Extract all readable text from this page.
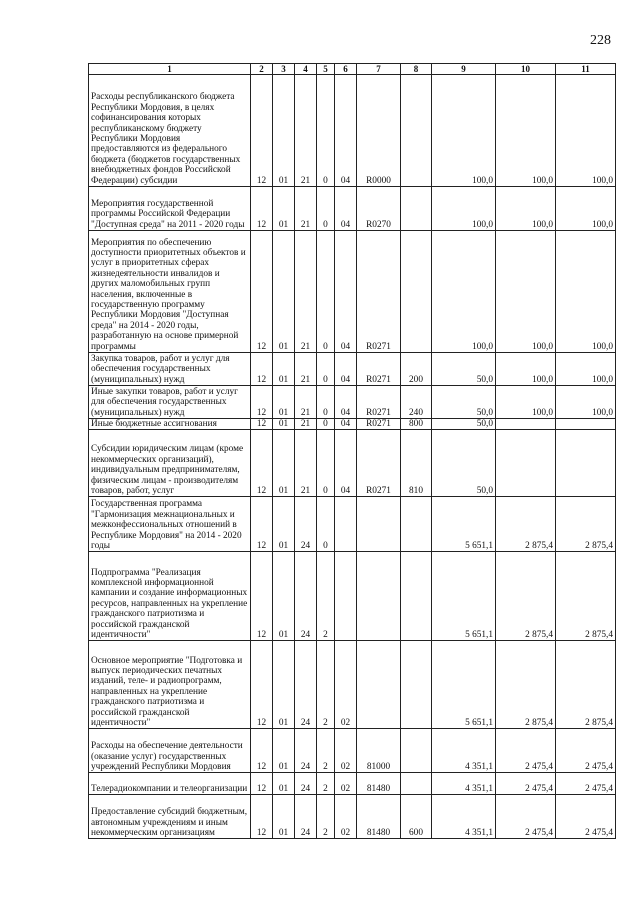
228
1	2	3	4	5	6	7	8	9	10	11
Расходы республиканского бюджета Республики Мордовия, в целях софинансирования которых республиканскому бюджету Республики Мордовия предоставляются из федерального бюджета (бюджетов государственных внебюджетных фондов Российской Федерации) субсидии	12	01	21	0	04	R0000		100,0	100,0	100,0
Мероприятия государственной программы Российской Федерации "Доступная среда" на 2011 - 2020 годы	12	01	21	0	04	R0270		100,0	100,0	100,0
Мероприятия по обеспечению доступности приоритетных объектов и услуг в приоритетных сферах жизнедеятельности инвалидов и других маломобильных групп населения, включенные в государственную программу Республики Мордовия "Доступная среда" на 2014 - 2020 годы, разработанную на основе примерной программы	12	01	21	0	04	R0271		100,0	100,0	100,0
Закупка товаров, работ и услуг для обеспечения государственных (муниципальных) нужд	12	01	21	0	04	R0271	200	50,0	100,0	100,0
Иные закупки товаров, работ и услуг для обеспечения государственных (муниципальных) нужд	12	01	21	0	04	R0271	240	50,0	100,0	100,0
Иные бюджетные ассигнования	12	01	21	0	04	R0271	800	50,0		
Субсидии юридическим лицам (кроме некоммерческих организаций), индивидуальным предпринимателям, физическим лицам - производителям товаров, работ, услуг	12	01	21	0	04	R0271	810	50,0		
Государственная программа "Гармонизация межнациональных и межконфессиональных отношений в Республике Мордовия" на 2014 - 2020 годы	12	01	24	0				5 651,1	2 875,4	2 875,4
Подпрограмма "Реализация комплексной информационной кампании и создание информационных ресурсов, направленных на укрепление гражданского патриотизма и российской гражданской идентичности"	12	01	24	2				5 651,1	2 875,4	2 875,4
Основное мероприятие "Подготовка и выпуск периодических печатных изданий, теле- и радиопрограмм, направленных на укрепление гражданского патриотизма и российской гражданской идентичности"	12	01	24	2	02			5 651,1	2 875,4	2 875,4
Расходы на обеспечение деятельности (оказание услуг) государственных учреждений Республики Мордовия	12	01	24	2	02	81000		4 351,1	2 475,4	2 475,4
Телерадиокомпании и телеорганизации	12	01	24	2	02	81480		4 351,1	2 475,4	2 475,4
Предоставление субсидий бюджетным, автономным учреждениям и иным некоммерческим организациям	12	01	24	2	02	81480	600	4 351,1	2 475,4	2 475,4
